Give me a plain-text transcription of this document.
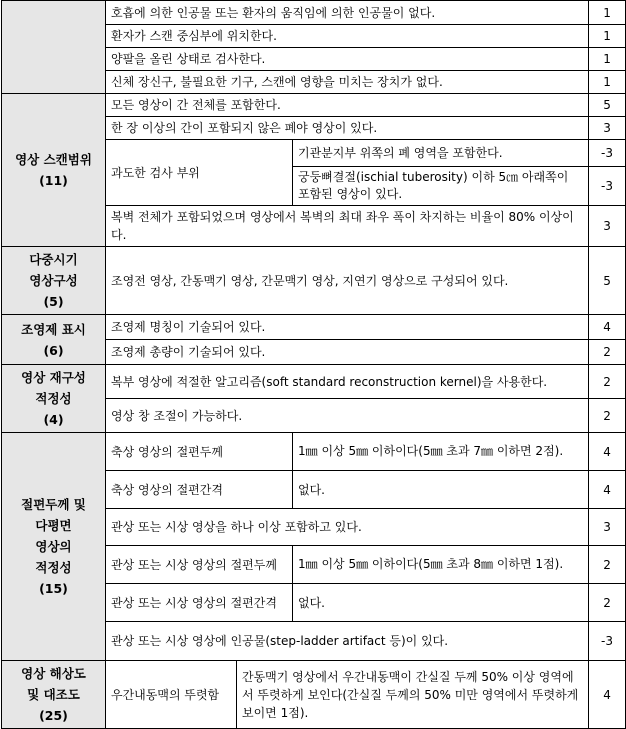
	호흡에 의한 인공물 또는 환자의 움직임에 의한 인공물이 없다.			1
	환자가 스캔 중심부에 위치한다.			1
	양팔을 올린 상태로 검사한다.			1
	신체 장신구, 불필요한 기구, 스캔에 영향을 미치는 장치가 없다.			1

영상 스캔범위
(11)	모든 영상이 간 전체를 포함한다.			5
	한 장 이상의 간이 포함되지 않은 폐야 영상이 있다.			3
	과도한 검사 부위		기관분지부 위쪽의 폐 영역을 포함한다.	-3
			궁둥뼈결절(ischial tuberosity) 이하 5㎝ 아래쪽이 포함된 영상이 있다.	-3
	복벽 전체가 포함되었으며 영상에서 복벽의 최대 좌우 폭이 차지하는 비율이 80% 이상이다.			3

다중시기
영상구성
(5)	조영전 영상, 간동맥기 영상, 간문맥기 영상, 지연기 영상으로 구성되어 있다.			5

조영제 표시
(6)	조영제 명칭이 기술되어 있다.			4
	조영제 총량이 기술되어 있다.			2

영상 재구성
적정성
(4)	복부 영상에 적절한 알고리즘(soft standard reconstruction kernel)을 사용한다.			2
	영상 창 조절이 가능하다.			2

절편두께 및
다평면
영상의
적정성
(15)	축상 영상의 절편두께		1㎜ 이상 5㎜ 이하이다(5㎜ 초과 7㎜ 이하면 2점).	4
	축상 영상의 절편간격		없다.	4
	관상 또는 시상 영상을 하나 이상 포함하고 있다.			3
	관상 또는 시상 영상의 절편두께		1㎜ 이상 5㎜ 이하이다(5㎜ 초과 8㎜ 이하면 1점).	2
	관상 또는 시상 영상의 절편간격		없다.	2
	관상 또는 시상 영상에 인공물(step-ladder artifact 등)이 있다.			-3

영상 해상도
및 대조도
(25)	우간내동맥의 뚜렷함	간동맥기 영상에서 우간내동맥이 간실질 두께 50% 이상 영역에서 뚜렷하게 보인다(간실질 두께의 50% 미만 영역에서 뚜렷하게 보이면 1점).		4
